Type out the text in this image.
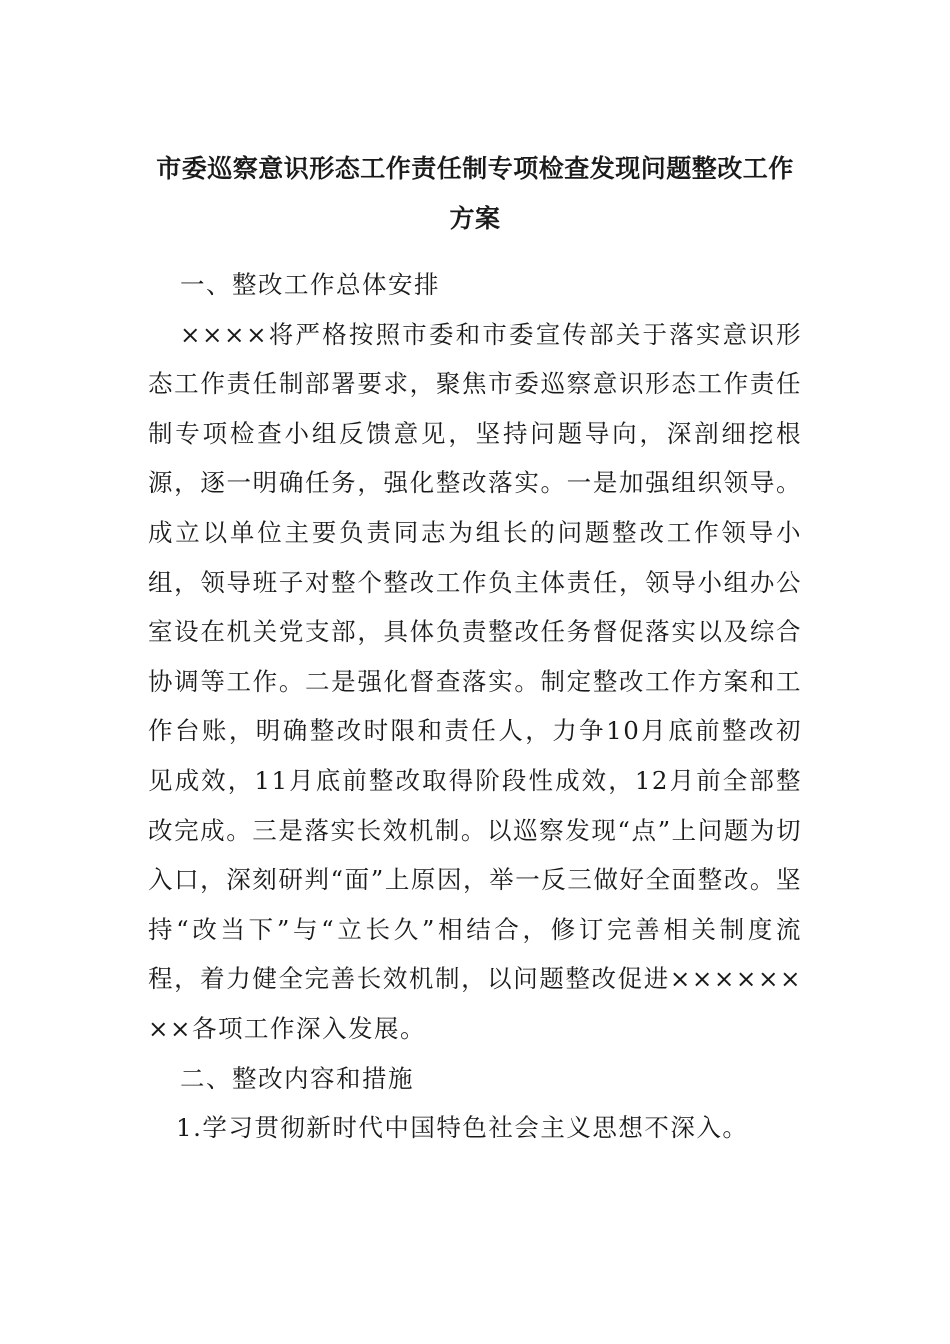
市委巡察意识形态工作责任制专项检查发现问题整改工作方案

一、整改工作总体安排

××××将严格按照市委和市委宣传部关于落实意识形态工作责任制部署要求，聚焦市委巡察意识形态工作责任制专项检查小组反馈意见，坚持问题导向，深剖细挖根源，逐一明确任务，强化整改落实。一是加强组织领导。成立以单位主要负责同志为组长的问题整改工作领导小组，领导班子对整个整改工作负主体责任，领导小组办公室设在机关党支部，具体负责整改任务督促落实以及综合协调等工作。二是强化督查落实。制定整改工作方案和工作台账，明确整改时限和责任人，力争10月底前整改初见成效，11月底前整改取得阶段性成效，12月前全部整改完成。三是落实长效机制。以巡察发现“点”上问题为切入口，深刻研判“面”上原因，举一反三做好全面整改。坚持“改当下”与“立长久”相结合，修订完善相关制度流程，着力健全完善长效机制，以问题整改促进××××××××各项工作深入发展。

二、整改内容和措施

1.学习贯彻新时代中国特色社会主义思想不深入。
